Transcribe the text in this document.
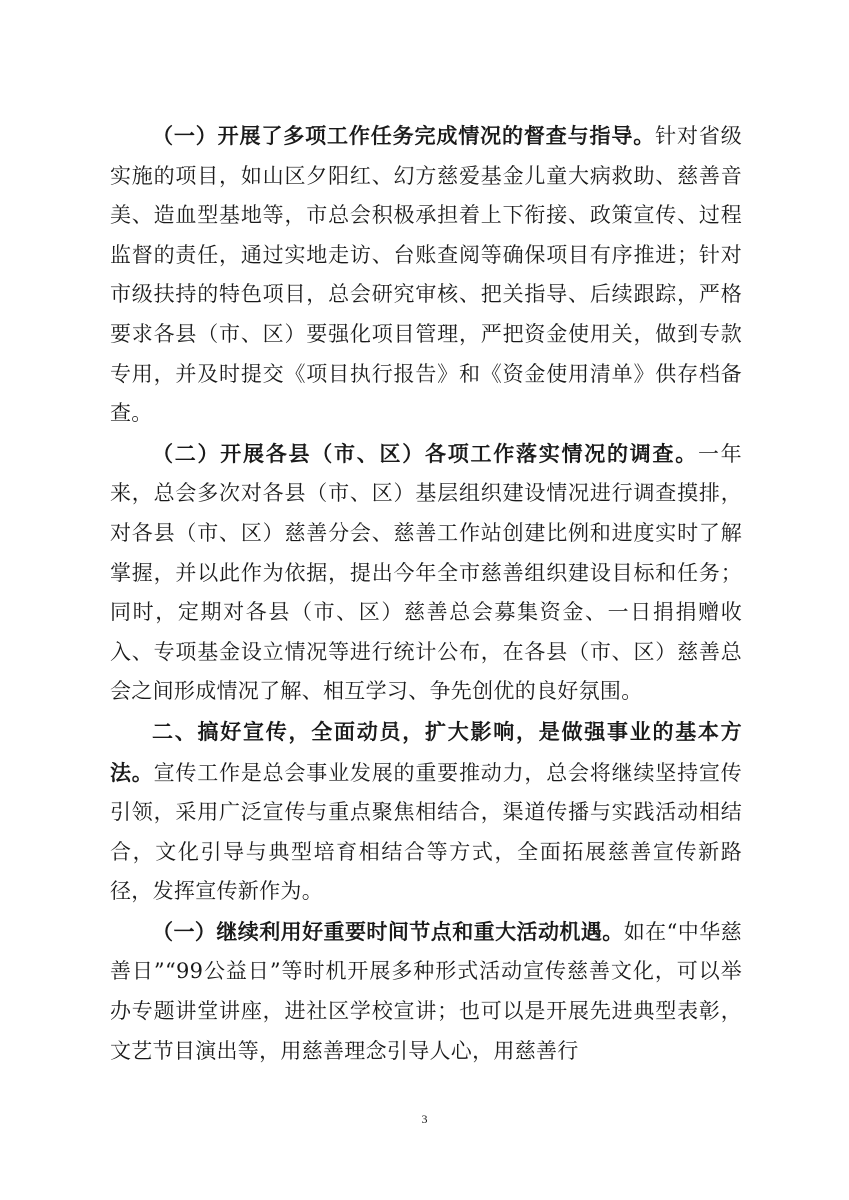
（一）开展了多项工作任务完成情况的督查与指导。针对省级实施的项目，如山区夕阳红、幻方慈爱基金儿童大病救助、慈善音美、造血型基地等，市总会积极承担着上下衔接、政策宣传、过程监督的责任，通过实地走访、台账查阅等确保项目有序推进；针对市级扶持的特色项目，总会研究审核、把关指导、后续跟踪，严格要求各县（市、区）要强化项目管理，严把资金使用关，做到专款专用，并及时提交《项目执行报告》和《资金使用清单》供存档备查。

（二）开展各县（市、区）各项工作落实情况的调查。一年来，总会多次对各县（市、区）基层组织建设情况进行调查摸排，对各县（市、区）慈善分会、慈善工作站创建比例和进度实时了解掌握，并以此作为依据，提出今年全市慈善组织建设目标和任务；同时，定期对各县（市、区）慈善总会募集资金、一日捐捐赠收入、专项基金设立情况等进行统计公布，在各县（市、区）慈善总会之间形成情况了解、相互学习、争先创优的良好氛围。

二、搞好宣传，全面动员，扩大影响，是做强事业的基本方法。宣传工作是总会事业发展的重要推动力，总会将继续坚持宣传引领，采用广泛宣传与重点聚焦相结合，渠道传播与实践活动相结合，文化引导与典型培育相结合等方式，全面拓展慈善宣传新路径，发挥宣传新作为。

（一）继续利用好重要时间节点和重大活动机遇。如在“中华慈善日”“99公益日”等时机开展多种形式活动宣传慈善文化，可以举办专题讲堂讲座，进社区学校宣讲；也可以是开展先进典型表彰，文艺节目演出等，用慈善理念引导人心，用慈善行

3
